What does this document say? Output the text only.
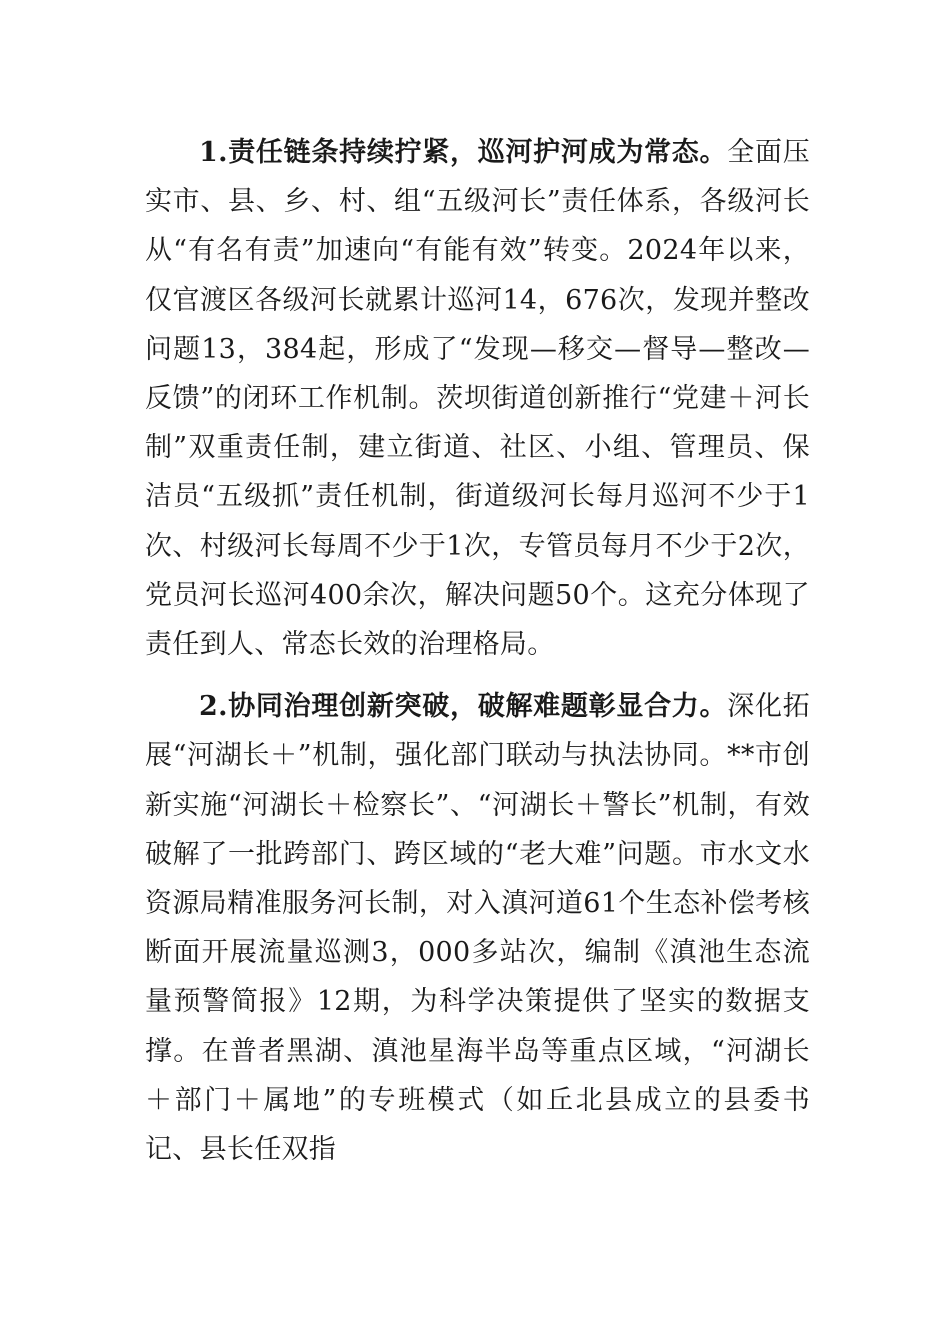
1.责任链条持续拧紧，巡河护河成为常态。全面压实市、县、乡、村、组“五级河长”责任体系，各级河长从“有名有责”加速向“有能有效”转变。2024年以来，仅官渡区各级河长就累计巡河14，676次，发现并整改问题13，384起，形成了“发现—移交—督导—整改—反馈”的闭环工作机制。茨坝街道创新推行“党建＋河长制”双重责任制，建立街道、社区、小组、管理员、保洁员“五级抓”责任机制，街道级河长每月巡河不少于1次、村级河长每周不少于1次，专管员每月不少于2次，党员河长巡河400余次，解决问题50个。这充分体现了责任到人、常态长效的治理格局。

2.协同治理创新突破，破解难题彰显合力。深化拓展“河湖长＋”机制，强化部门联动与执法协同。**市创新实施“河湖长＋检察长”、“河湖长＋警长”机制，有效破解了一批跨部门、跨区域的“老大难”问题。市水文水资源局精准服务河长制，对入滇河道61个生态补偿考核断面开展流量巡测3，000多站次，编制《滇池生态流量预警简报》12期，为科学决策提供了坚实的数据支撑。在普者黑湖、滇池星海半岛等重点区域，“河湖长＋部门＋属地”的专班模式（如丘北县成立的县委书记、县长任双指
